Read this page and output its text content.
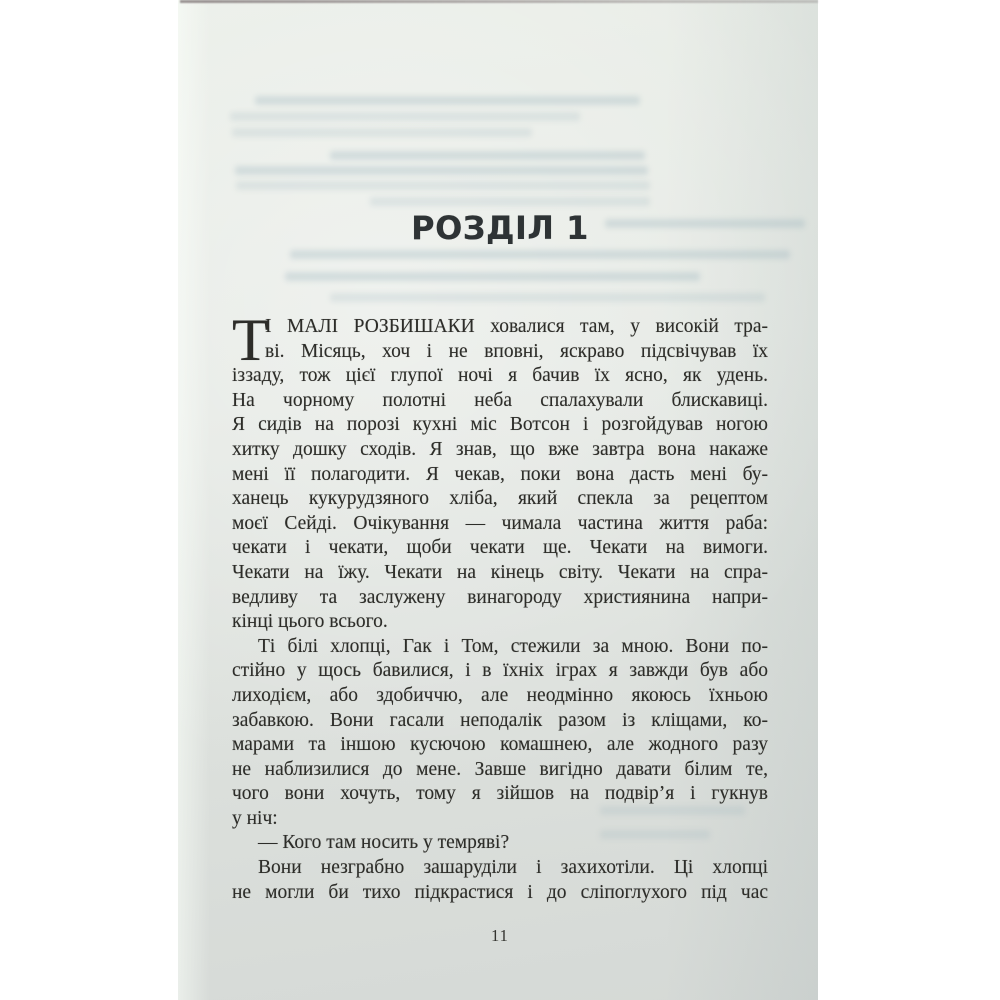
РОЗДІЛ 1
Т
І МАЛІ РОЗБИШАКИ ховалися там, у високій тра-
ві. Місяць, хоч і не вповні, яскраво підсвічував їх
іззаду, тож цієї глупої ночі я бачив їх ясно, як удень.
На чорному полотні неба спалахували блискавиці.
Я сидів на порозі кухні міс Вотсон і розгойдував ногою
хитку дошку сходів. Я знав, що вже завтра вона накаже
мені її полагодити. Я чекав, поки вона дасть мені бу-
ханець кукурудзяного хліба, який спекла за рецептом
моєї Сейді. Очікування — чимала частина життя раба:
чекати і чекати, щоби чекати ще. Чекати на вимоги.
Чекати на їжу. Чекати на кінець світу. Чекати на спра-
ведливу та заслужену винагороду християнина напри-
кінці цього всього.
Ті білі хлопці, Гак і Том, стежили за мною. Вони по-
стійно у щось бавилися, і в їхніх іграх я завжди був або
лиходієм, або здобиччю, але неодмінно якоюсь їхньою
забавкою. Вони гасали неподалік разом із кліщами, ко-
марами та іншою кусючою комашнею, але жодного разу
не наблизилися до мене. Завше вигідно давати білим те,
чого вони хочуть, тому я зійшов на подвір’я і гукнув
у ніч:
— Кого там носить у темряві?
Вони незграбно зашаруділи і захихотіли. Ці хлопці
не могли би тихо підкрастися і до сліпоглухого під час
11
